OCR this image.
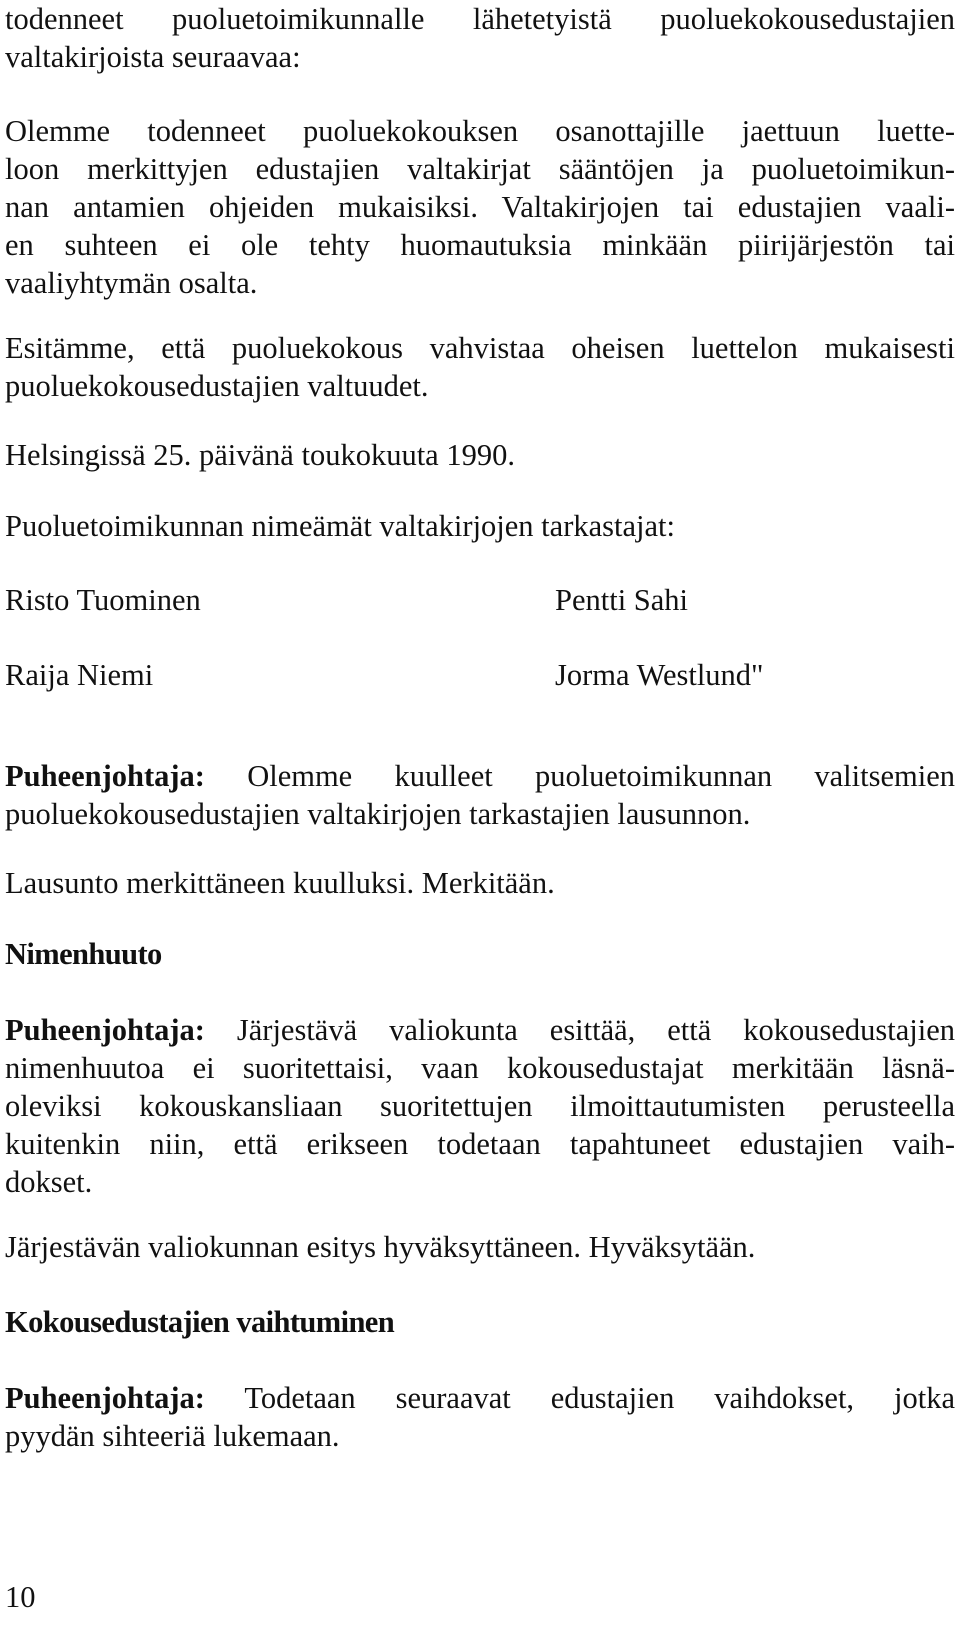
todenneet puoluetoimikunnalle lähetetyistä puoluekokousedustajien
valtakirjoista seuraavaa:
Olemme todenneet puoluekokouksen osanottajille jaettuun luette-
loon merkittyjen edustajien valtakirjat sääntöjen ja puoluetoimikun-
nan antamien ohjeiden mukaisiksi. Valtakirjojen tai edustajien vaali-
en suhteen ei ole tehty huomautuksia minkään piirijärjestön tai
vaaliyhtymän osalta.
Esitämme, että puoluekokous vahvistaa oheisen luettelon mukaisesti
puoluekokousedustajien valtuudet.

Helsingissä 25. päivänä toukokuuta 1990.

Puoluetoimikunnan nimeämät valtakirjojen tarkastajat:

Risto Tuominen	Pentti Sahi

Raija Niemi	Jorma Westlund"

Puheenjohtaja: Olemme kuulleet puoluetoimikunnan valitsemien
puoluekokousedustajien valtakirjojen tarkastajien lausunnon.

Lausunto merkittäneen kuulluksi. Merkitään.

Nimenhuuto

Puheenjohtaja: Järjestävä valiokunta esittää, että kokousedustajien
nimenhuutoa ei suoritettaisi, vaan kokousedustajat merkitään läsnä-
oleviksi kokouskansliaan suoritettujen ilmoittautumisten perusteella
kuitenkin niin, että erikseen todetaan tapahtuneet edustajien vaih-
dokset.

Järjestävän valiokunnan esitys hyväksyttäneen. Hyväksytään.

Kokousedustajien vaihtuminen

Puheenjohtaja: Todetaan seuraavat edustajien vaihdokset, jotka
pyydän sihteeriä lukemaan.

10
